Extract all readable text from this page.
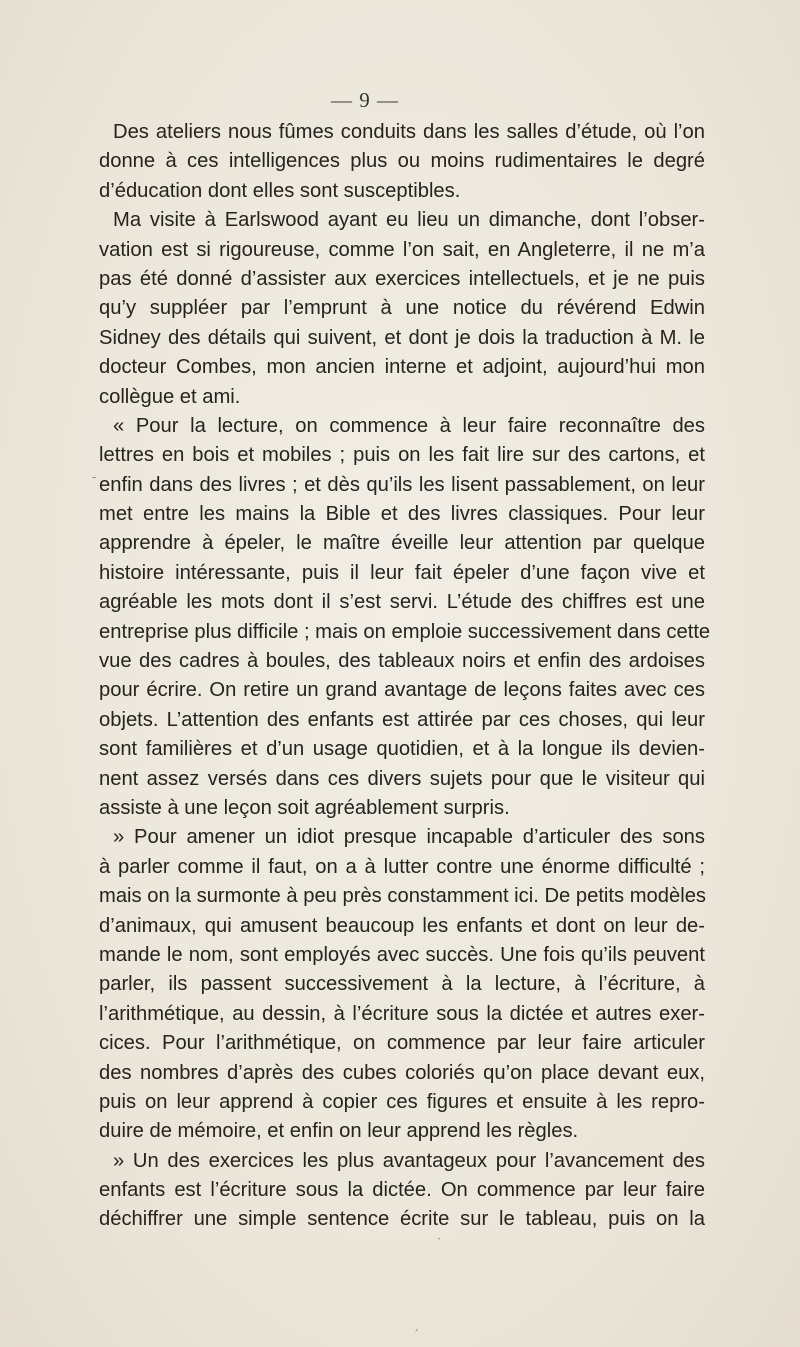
— 9 —
Des ateliers nous fûmes conduits dans les salles d’étude, où l’on
donne à ces intelligences plus ou moins rudimentaires le degré
d’éducation dont elles sont susceptibles.
Ma visite à Earlswood ayant eu lieu un dimanche, dont l’obser-
vation est si rigoureuse, comme l’on sait, en Angleterre, il ne m’a
pas été donné d’assister aux exercices intellectuels, et je ne puis
qu’y suppléer par l’emprunt à une notice du révérend Edwin
Sidney des détails qui suivent, et dont je dois la traduction à M. le
docteur Combes, mon ancien interne et adjoint, aujourd’hui mon
collègue et ami.
« Pour la lecture, on commence à leur faire reconnaître des
lettres en bois et mobiles ; puis on les fait lire sur des cartons, et
enfin dans des livres ; et dès qu’ils les lisent passablement, on leur
met entre les mains la Bible et des livres classiques. Pour leur
apprendre à épeler, le maître éveille leur attention par quelque
histoire intéressante, puis il leur fait épeler d’une façon vive et
agréable les mots dont il s’est servi. L’étude des chiffres est une
entreprise plus difficile ; mais on emploie successivement dans cette
vue des cadres à boules, des tableaux noirs et enfin des ardoises
pour écrire. On retire un grand avantage de leçons faites avec ces
objets. L’attention des enfants est attirée par ces choses, qui leur
sont familières et d’un usage quotidien, et à la longue ils devien-
nent assez versés dans ces divers sujets pour que le visiteur qui
assiste à une leçon soit agréablement surpris.
» Pour amener un idiot presque incapable d’articuler des sons
à parler comme il faut, on a à lutter contre une énorme difficulté ;
mais on la surmonte à peu près constamment ici. De petits modèles
d’animaux, qui amusent beaucoup les enfants et dont on leur de-
mande le nom, sont employés avec succès. Une fois qu’ils peuvent
parler, ils passent successivement à la lecture, à l’écriture, à
l’arithmétique, au dessin, à l’écriture sous la dictée et autres exer-
cices. Pour l’arithmétique, on commence par leur faire articuler
des nombres d’après des cubes coloriés qu’on place devant eux,
puis on leur apprend à copier ces figures et ensuite à les repro-
duire de mémoire, et enfin on leur apprend les règles.
» Un des exercices les plus avantageux pour l’avancement des
enfants est l’écriture sous la dictée. On commence par leur faire
déchiffrer une simple sentence écrite sur le tableau, puis on la
-
·
´
